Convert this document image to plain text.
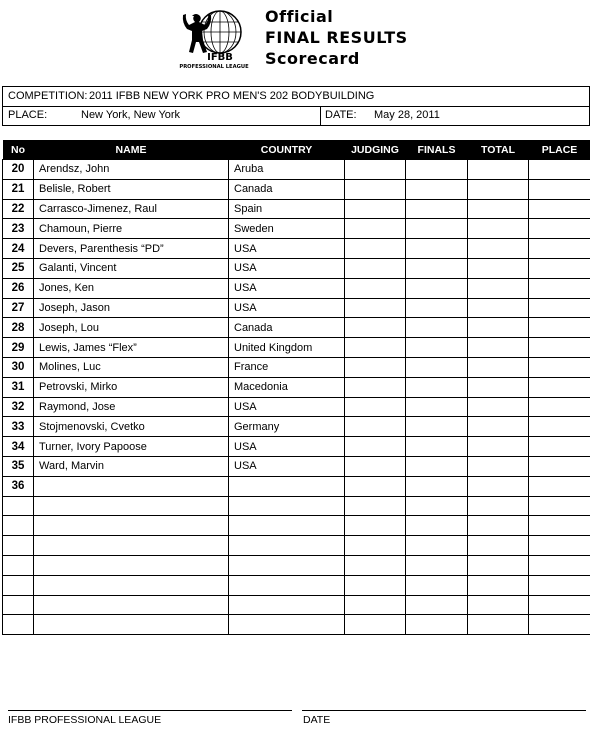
IFBB
PROFESSIONAL LEAGUE
Official
FINAL RESULTS
Scorecard
COMPETITION: 2011 IFBB NEW YORK PRO MEN'S 202 BODYBUILDING
PLACE:	New York, New York	DATE: May 28, 2011
No	NAME	COUNTRY	JUDGING	FINALS	TOTAL	PLACE
20	Arendsz, John	Aruba				
21	Belisle, Robert	Canada				
22	Carrasco-Jimenez, Raul	Spain				
23	Chamoun, Pierre	Sweden				
24	Devers, Parenthesis “PD”	USA				
25	Galanti, Vincent	USA				
26	Jones, Ken	USA				
27	Joseph, Jason	USA				
28	Joseph, Lou	Canada				
29	Lewis, James “Flex”	United Kingdom				
30	Molines, Luc	France				
31	Petrovski, Mirko	Macedonia				
32	Raymond, Jose	USA				
33	Stojmenovski, Cvetko	Germany				
34	Turner, Ivory Papoose	USA				
35	Ward, Marvin	USA				
36						

IFBB PROFESSIONAL LEAGUE	DATE
